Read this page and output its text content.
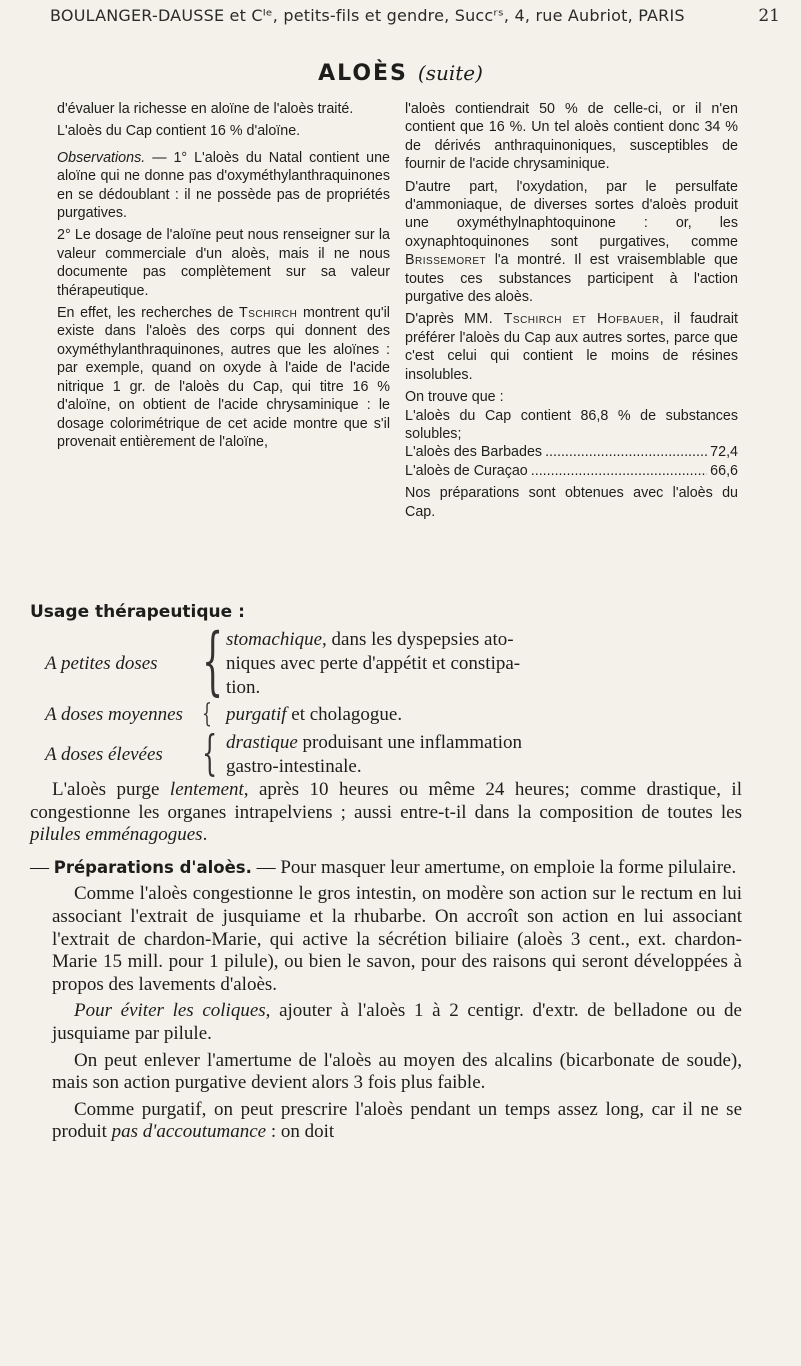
BOULANGER-DAUSSE et Cᴵᵉ, petits-fils et gendre, Succʳˢ, 4, rue Aubriot, PARIS	21
ALOÈS (suite)

d'évaluer la richesse en aloïne de l'aloès traité.

L'aloès du Cap contient 16 % d'aloïne.

Observations. — 1° L'aloès du Natal contient une aloïne qui ne donne pas d'oxyméthylanthraquinones en se dédoublant : il ne possède pas de propriétés purgatives.

2° Le dosage de l'aloïne peut nous renseigner sur la valeur commerciale d'un aloès, mais il ne nous documente pas complètement sur sa valeur thérapeutique.

En effet, les recherches de Tschirch montrent qu'il existe dans l'aloès des corps qui donnent des oxyméthylanthraquinones, autres que les aloïnes : par exemple, quand on oxyde à l'aide de l'acide nitrique 1 gr. de l'aloès du Cap, qui titre 16 % d'aloïne, on obtient de l'acide chrysaminique : le dosage colorimétrique de cet acide montre que s'il provenait entièrement de l'aloïne,

l'aloès contiendrait 50 % de celle-ci, or il n'en contient que 16 %. Un tel aloès contient donc 34 % de dérivés anthraquinoniques, susceptibles de fournir de l'acide chrysaminique.

D'autre part, l'oxydation, par le persulfate d'ammoniaque, de diverses sortes d'aloès produit une oxyméthylnaphtoquinone : or, les oxynaphtoquinones sont purgatives, comme Brissemoret l'a montré. Il est vraisemblable que toutes ces substances participent à l'action purgative des aloès.

D'après MM. Tschirch et Hofbauer, il faudrait préférer l'aloès du Cap aux autres sortes, parce que c'est celui qui contient le moins de résines insolubles.

On trouve que :

L'aloès du Cap contient 86,8 % de substances solubles;

L'aloès des Barbades .....	72,4
L'aloès de Curaçao .....	66,6

Nos préparations sont obtenues avec l'aloès du Cap.

Usage thérapeutique :
A petites doses { stomachique, dans les dyspepsies ato-
niques avec perte d'appétit et constipa-
tion.
A doses moyennes { purgatif et cholagogue.
A doses élevées { drastique produisant une inflammation
gastro-intestinale.

L'aloès purge lentement, après 10 heures ou même 24 heures; comme drastique, il congestionne les organes intrapelviens ; aussi entre-t-il dans la composition de toutes les pilules emménagogues.

— Préparations d'aloès. — Pour masquer leur amertume, on emploie la forme pilulaire.

Comme l'aloès congestionne le gros intestin, on modère son action sur le rectum en lui associant l'extrait de jusquiame et la rhubarbe. On accroît son action en lui associant l'extrait de chardon-Marie, qui active la sécrétion biliaire (aloès 3 cent., ext. chardon-Marie 15 mill. pour 1 pilule), ou bien le savon, pour des raisons qui seront développées à propos des lavements d'aloès.

Pour éviter les coliques, ajouter à l'aloès 1 à 2 centigr. d'extr. de belladone ou de jusquiame par pilule.

On peut enlever l'amertume de l'aloès au moyen des alcalins (bicarbonate de soude), mais son action purgative devient alors 3 fois plus faible.

Comme purgatif, on peut prescrire l'aloès pendant un temps assez long, car il ne se produit pas d'accoutumance : on doit
